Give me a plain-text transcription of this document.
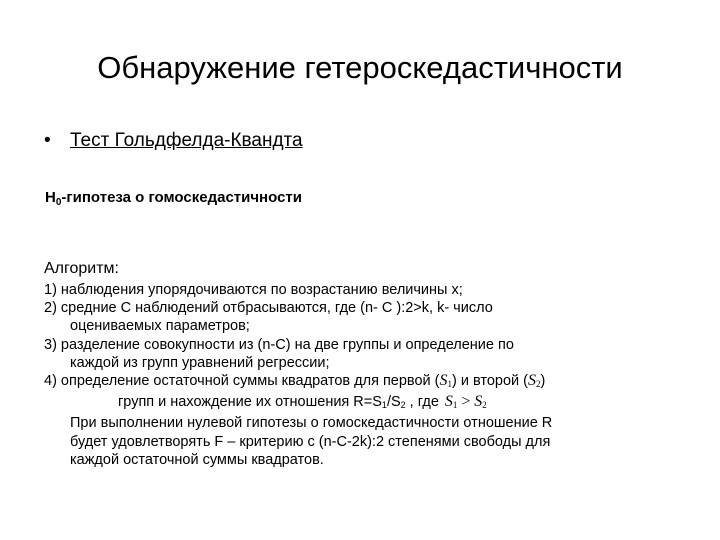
Обнаружение гетероскедастичности
• Тест Гольдфелда-Квандта
$H_0$-гипотеза о гомоскедастичности
Алгоритм:
1) наблюдения упорядочиваются по возрастанию величины x;
2) средние С наблюдений отбрасываются, где (n- C ):2>k, k- число
оцениваемых параметров;
3) разделение совокупности из (n-C) на две группы и определение по
каждой из групп уравнений регрессии;
4) определение остаточной суммы квадратов для первой $(S_1)$ и второй $(S_2)$
групп и нахождение их отношения $R=S_1/S_2$ , где $S_1 > S_2$
При выполнении нулевой гипотезы о гомоскедастичности отношение R
будет удовлетворять F – критерию с (n-C-2k):2 степенями свободы для
каждой остаточной суммы квадратов.
